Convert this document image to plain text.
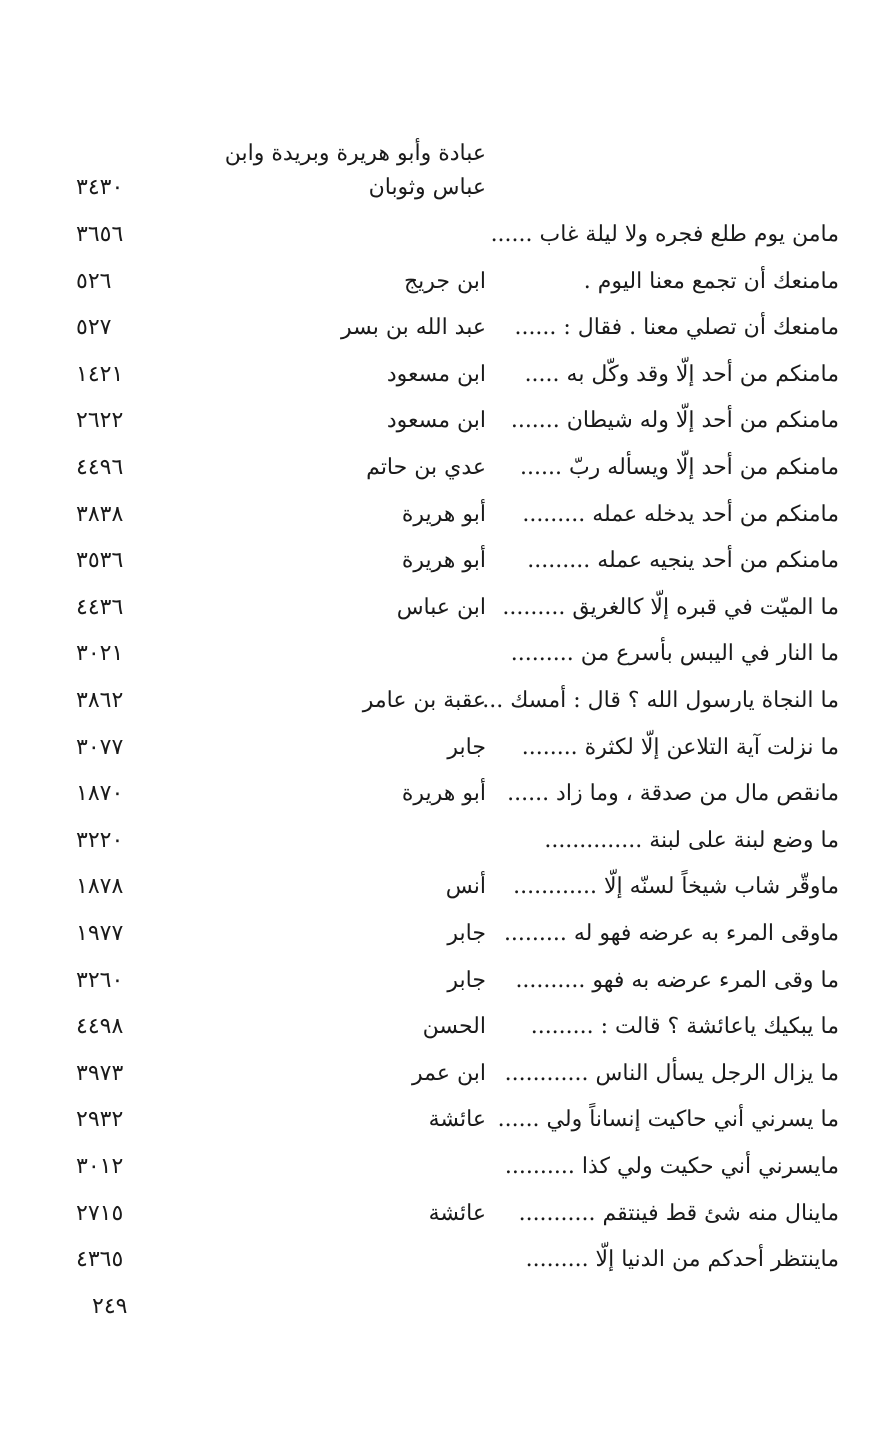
عبادة وأبو هريرة وبريدة وابن
عباس وثوبان
٣٤٣٠
مامن يوم طلع فجره ولا ليلة غاب ......
٣٦٥٦
مامنعك أن تجمع معنا اليوم .
ابن جريج
٥٢٦
مامنعك أن تصلي معنا . فقال : ......
عبد الله بن بسر
٥٢٧
مامنكم من أحد إلّا وقد وكّل به .....
ابن مسعود
١٤٢١
مامنكم من أحد إلّا وله شيطان .......
ابن مسعود
٢٦٢٢
مامنكم من أحد إلّا ويسأله ربّ ......
عدي بن حاتم
٤٤٩٦
مامنكم من أحد يدخله عمله .........
أبو هريرة
٣٨٣٨
مامنكم من أحد ينجيه عمله .........
أبو هريرة
٣٥٣٦
ما الميّت في قبره إلّا كالغريق .........
ابن عباس
٤٤٣٦
ما النار في اليبس بأسرع من .........
٣٠٢١
ما النجاة يارسول الله ؟ قال : أمسك ...
عقبة بن عامر
٣٨٦٢
ما نزلت آية التلاعن إلّا لكثرة ........
جابر
٣٠٧٧
مانقص مال من صدقة ، وما زاد ......
أبو هريرة
١٨٧٠
ما وضع لبنة على لبنة ..............
٣٢٢٠
ماوقّر شاب شيخاً لسنّه إلّا ............
أنس
١٨٧٨
ماوقى المرء به عرضه فهو له .........
جابر
١٩٧٧
ما وقى المرء عرضه به فهو ..........
جابر
٣٢٦٠
ما يبكيك ياعائشة ؟ قالت : .........
الحسن
٤٤٩٨
ما يزال الرجل يسأل الناس ............
ابن عمر
٣٩٧٣
ما يسرني أني حاكيت إنساناً ولي ......
عائشة
٢٩٣٢
مايسرني أني حكيت ولي كذا ..........
٣٠١٢
ماينال منه شئ قط فينتقم ...........
عائشة
٢٧١٥
ماينتظر أحدكم من الدنيا إلّا .........
٤٣٦٥
٢٤٩
